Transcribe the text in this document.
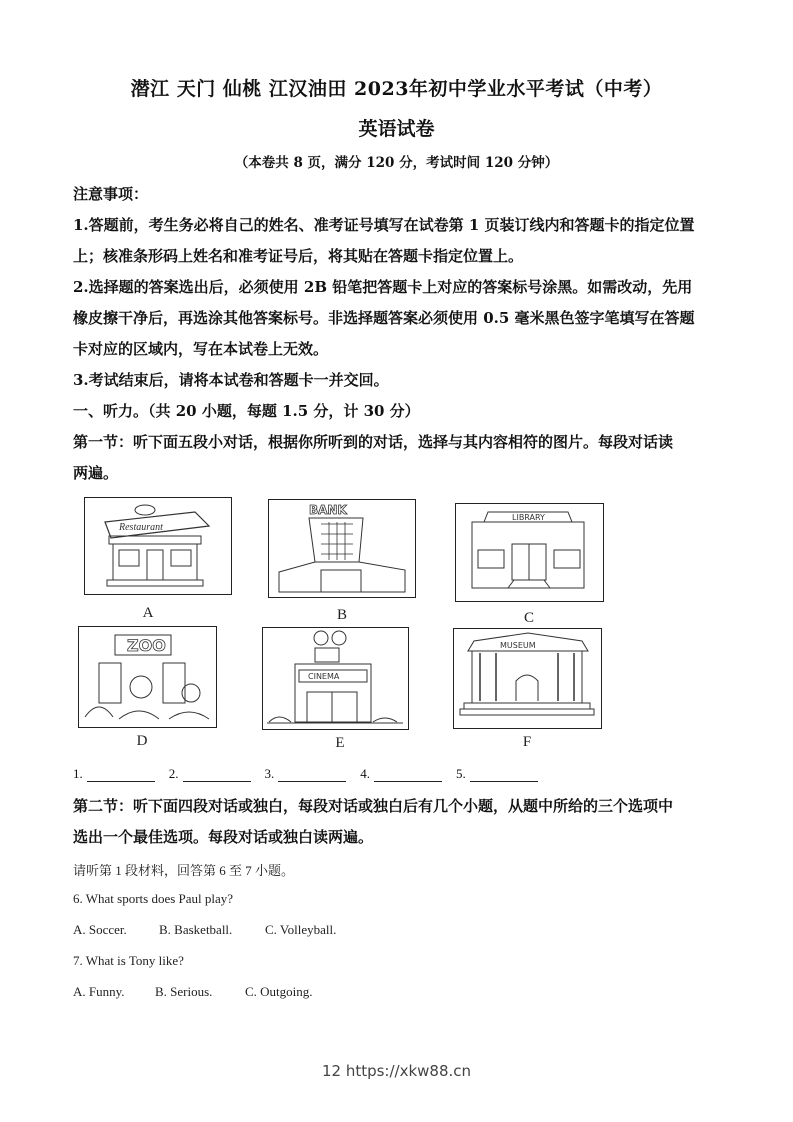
潜江 天门 仙桃 江汉油田 2023年初中学业水平考试（中考）
英语试卷
（本卷共 8 页，满分 120 分，考试时间 120 分钟）
注意事项：
1.答题前，考生务必将自己的姓名、准考证号填写在试卷第 1 页装订线内和答题卡的指定位置
上；核准条形码上姓名和准考证号后，将其贴在答题卡指定位置上。
2.选择题的答案选出后，必须使用 2B 铅笔把答题卡上对应的答案标号涂黑。如需改动，先用
橡皮擦干净后，再选涂其他答案标号。非选择题答案必须使用 0.5 毫米黑色签字笔填写在答题
卡对应的区域内，写在本试卷上无效。
3.考试结束后，请将本试卷和答题卡一并交回。
一、听力。（共 20 小题，每题 1.5 分，计 30 分）
第一节：听下面五段小对话，根据你所听到的对话，选择与其内容相符的图片。每段对话读
两遍。
Restaurant
A
BANK
B
LIBRARY
C
ZOO
D
CINEMA
E
MUSEUM
F
1.	2.	3.	4.	5.
第二节：听下面四段对话或独白，每段对话或独白后有几个小题，从题中所给的三个选项中
选出一个最佳选项。每段对话或独白读两遍。
请听第 1 段材料，回答第 6 至 7 小题。
6. What sports does Paul play?
A. Soccer.	B. Basketball.	C. Volleyball.
7. What is Tony like?
A. Funny.	B. Serious.	C. Outgoing.
12 https://xkw88.cn
